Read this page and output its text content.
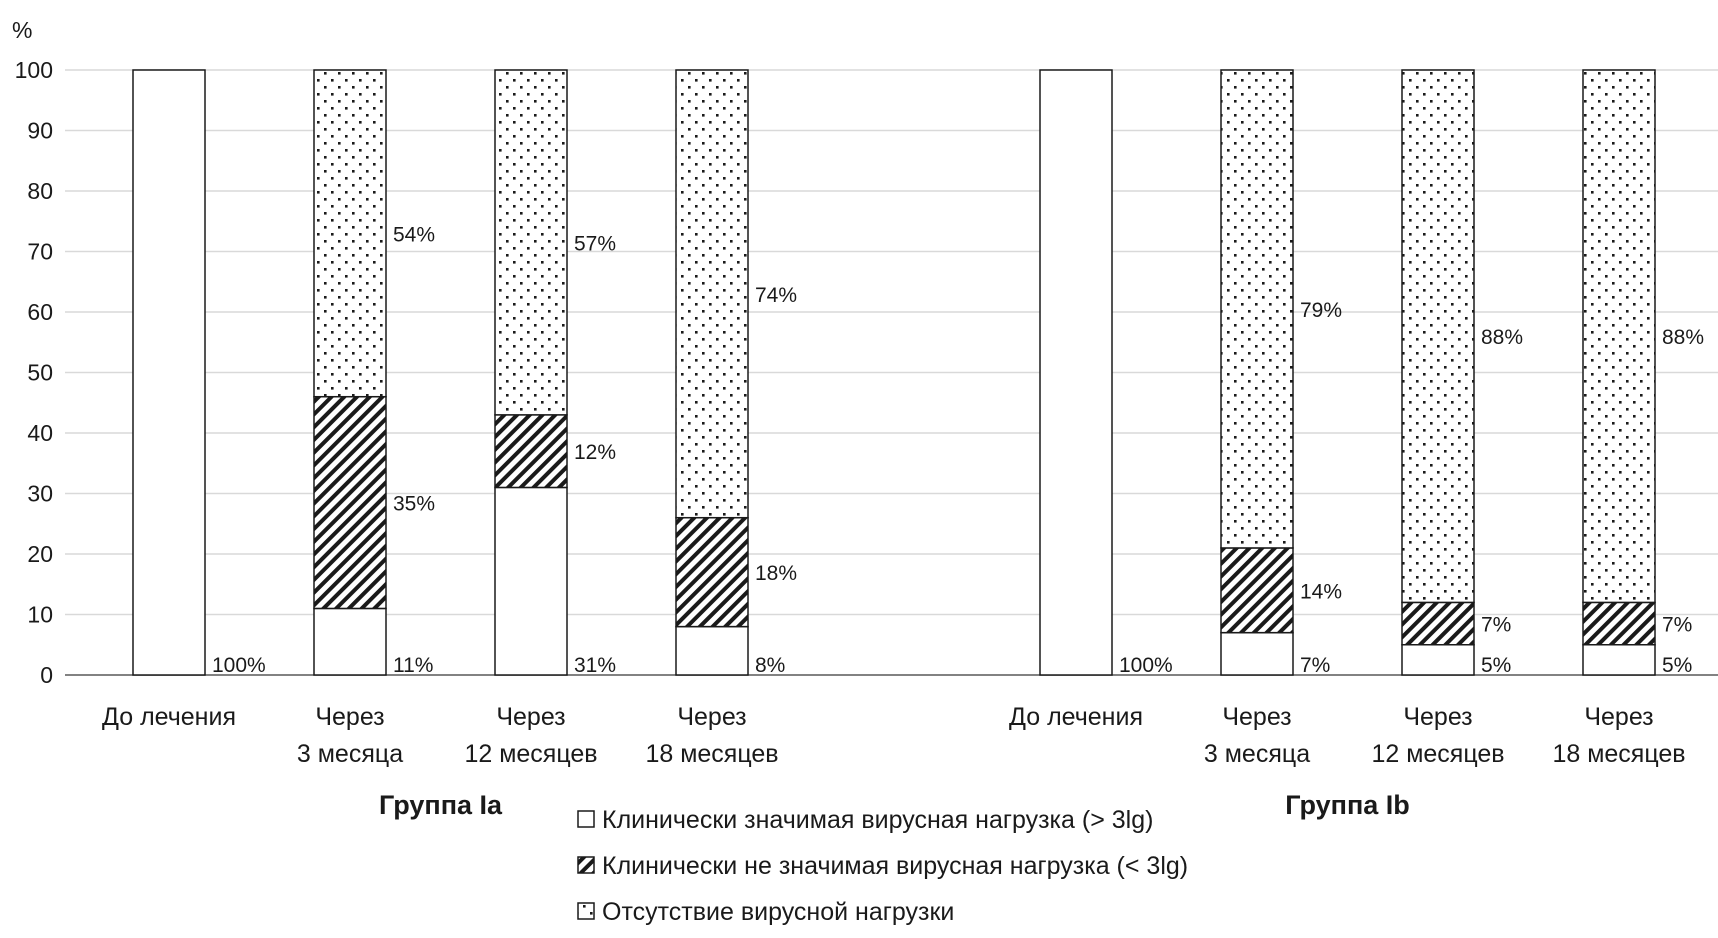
%
0
10
20
30
40
50
60
70
80
90
100
100%	11%
35%
54%
31%
12%
57%
8%
18%
74%
100%	7%
14%
79%
5%
7%
88%
5%
7%
88%
До лечения	Через
3 месяца
Через
12 месяцев
Через
18 месяцев
До лечения	Через
3 месяца
Через
12 месяцев
Через
18 месяцев
Группа Ia	Группа Ib
Клинически значимая вирусная нагрузка (> 3lg)
Клинически не значимая вирусная нагрузка (< 3lg)
Отсутствие вирусной нагрузки
